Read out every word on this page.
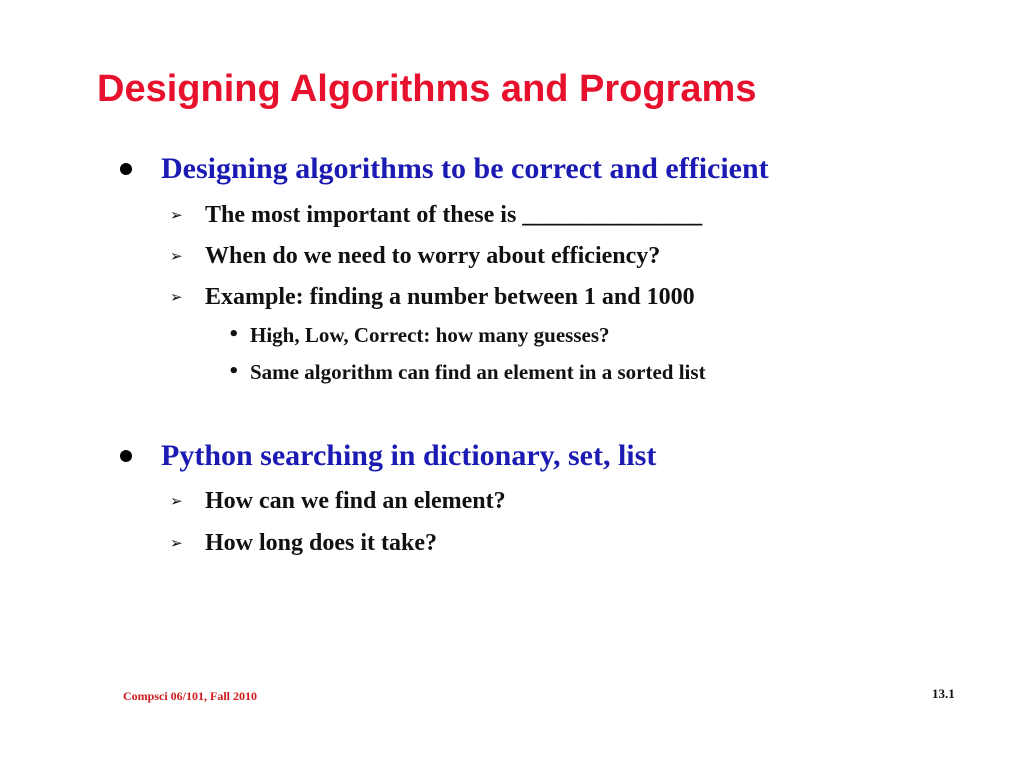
Designing Algorithms and Programs
Designing algorithms to be correct and efficient
➢ The most important of these is _______________
➢ When do we need to worry about efficiency?
➢ Example: finding a number between 1 and 1000
• High, Low, Correct: how many guesses?
• Same algorithm can find an element in a sorted list
Python searching in dictionary, set, list
➢ How can we find an element?
➢ How long does it take?
Compsci 06/101, Fall 2010	13.1
